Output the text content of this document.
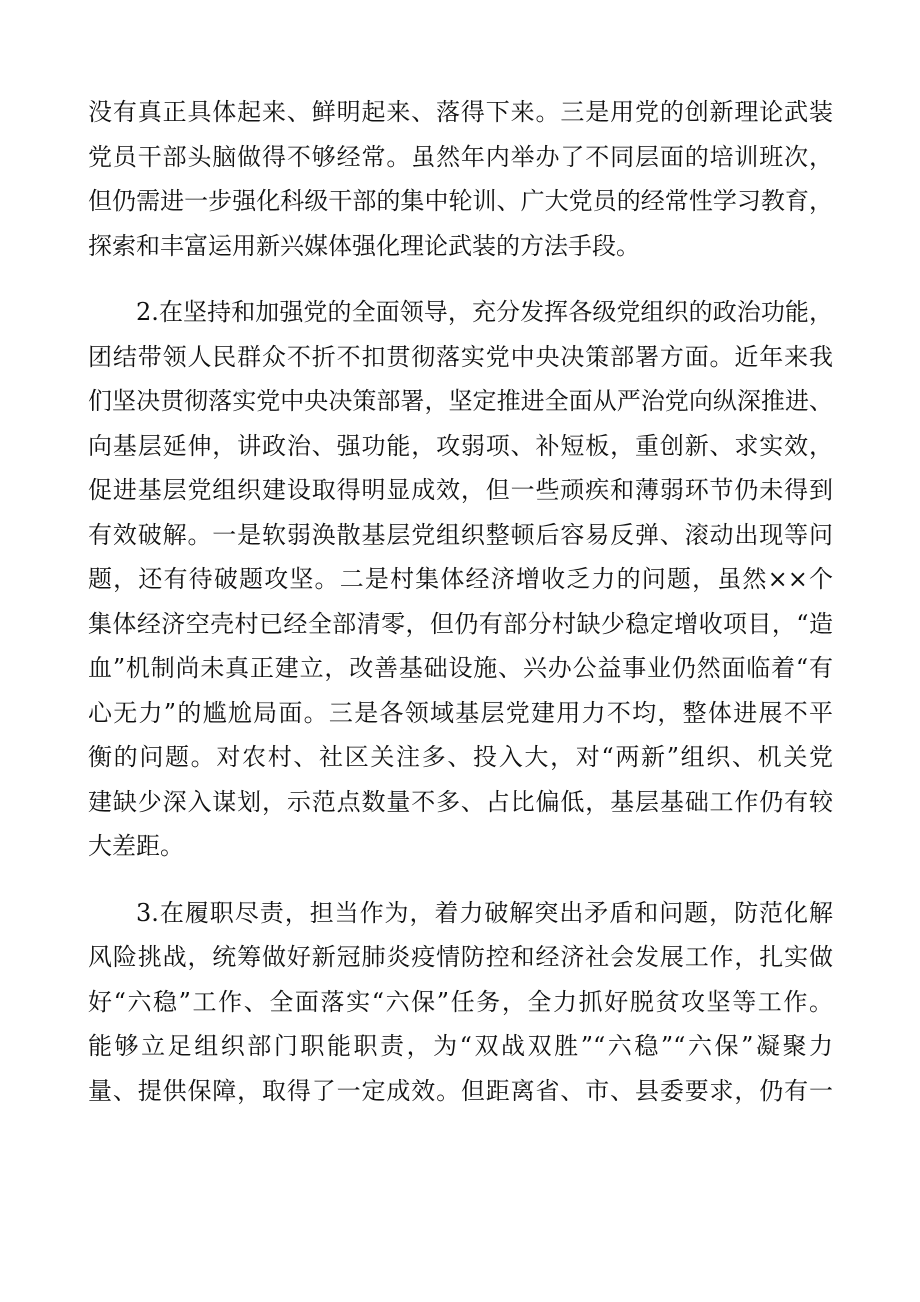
没有真正具体起来、鲜明起来、落得下来。三是用党的创新理论武装
党员干部头脑做得不够经常。虽然年内举办了不同层面的培训班次，
但仍需进一步强化科级干部的集中轮训、广大党员的经常性学习教育，
探索和丰富运用新兴媒体强化理论武装的方法手段。
2.在坚持和加强党的全面领导，充分发挥各级党组织的政治功能，
团结带领人民群众不折不扣贯彻落实党中央决策部署方面。近年来我
们坚决贯彻落实党中央决策部署，坚定推进全面从严治党向纵深推进、
向基层延伸，讲政治、强功能，攻弱项、补短板，重创新、求实效，
促进基层党组织建设取得明显成效，但一些顽疾和薄弱环节仍未得到
有效破解。一是软弱涣散基层党组织整顿后容易反弹、滚动出现等问
题，还有待破题攻坚。二是村集体经济增收乏力的问题，虽然××个
集体经济空壳村已经全部清零，但仍有部分村缺少稳定增收项目，“造
血”机制尚未真正建立，改善基础设施、兴办公益事业仍然面临着“有
心无力”的尴尬局面。三是各领域基层党建用力不均，整体进展不平
衡的问题。对农村、社区关注多、投入大，对“两新”组织、机关党
建缺少深入谋划，示范点数量不多、占比偏低，基层基础工作仍有较
大差距。
3.在履职尽责，担当作为，着力破解突出矛盾和问题，防范化解
风险挑战，统筹做好新冠肺炎疫情防控和经济社会发展工作，扎实做
好“六稳”工作、全面落实“六保”任务，全力抓好脱贫攻坚等工作。
能够立足组织部门职能职责，为“双战双胜”“六稳”“六保”凝聚力
量、提供保障，取得了一定成效。但距离省、市、县委要求，仍有一
